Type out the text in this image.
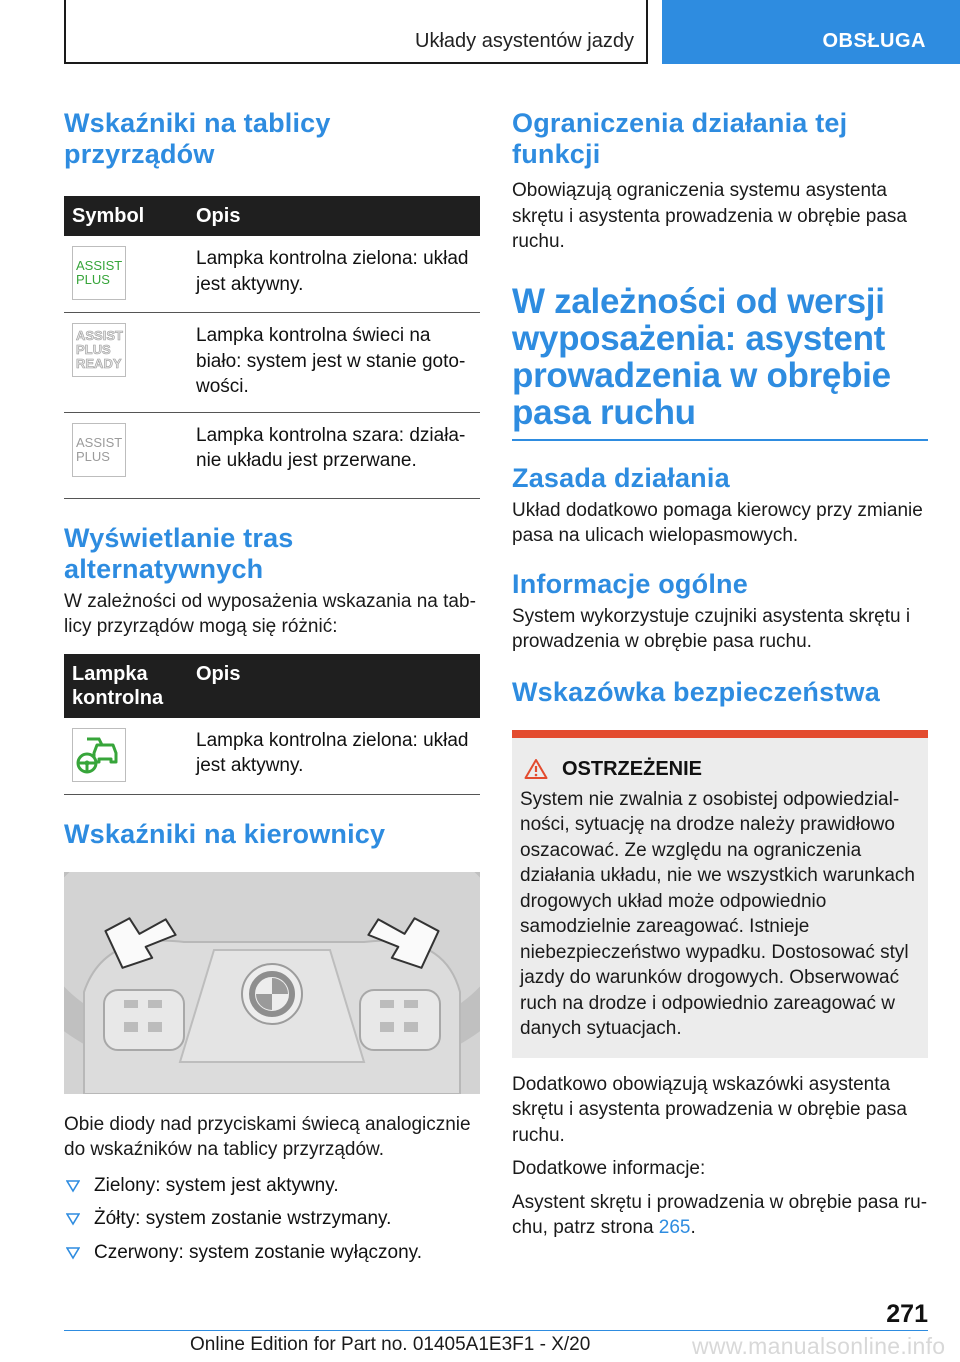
Układy asystentów jazdy	OBSŁUGA
Wskaźniki na tablicy przyrządów
Symbol	Opis

ASSIST
PLUS	Lampka kontrolna zielona: układ jest aktywny.

ASSIST
PLUS
READY	Lampka kontrolna świeci na biało: system jest w stanie gotowości.

ASSIST
PLUS	Lampka kontrolna szara: działanie układu jest przerwane.
Wyświetlanie tras alternatywnych

W zależności od wyposażenia wskazania na tablicy przyrządów mogą się różnić:

Lampka kontrolna	Opis

	Lampka kontrolna zielona: układ jest aktywny.
Wskaźniki na kierownicy

Obie diody nad przyciskami świecą analogicznie do wskaźników na tablicy przyrządów.

Zielony: system jest aktywny.
Żółty: system zostanie wstrzymany.
Czerwony: system zostanie wyłączony.
Ograniczenia działania tej funkcji

Obowiązują ograniczenia systemu asystenta skrętu i asystenta prowadzenia w obrębie pasa ruchu.

W zależności od wersji wyposażenia: asystent prowadzenia w obrębie pasa ruchu
Zasada działania

Układ dodatkowo pomaga kierowcy przy zmianie pasa na ulicach wielopasmowych.

Informacje ogólne

System wykorzystuje czujniki asystenta skrętu i prowadzenia w obrębie pasa ruchu.

Wskazówka bezpieczeństwa
OSTRZEŻENIE

System nie zwalnia z osobistej odpowiedzialności, sytuację na drodze należy prawidłowo oszacować. Ze względu na ograniczenia działania układu, nie we wszystkich warunkach drogowych układ może odpowiednio samodzielnie zareagować. Istnieje niebezpieczeństwo wypadku. Dostosować styl jazdy do warunków drogowych. Obserwować ruch na drodze i odpowiednio zareagować w danych sytuacjach.

Dodatkowo obowiązują wskazówki asystenta skrętu i asystenta prowadzenia w obrębie pasa ruchu.

Dodatkowe informacje:

Asystent skrętu i prowadzenia w obrębie pasa ruchu, patrz strona 265.

271
Online Edition for Part no. 01405A1E3F1 - X/20	www.manualsonline.info
